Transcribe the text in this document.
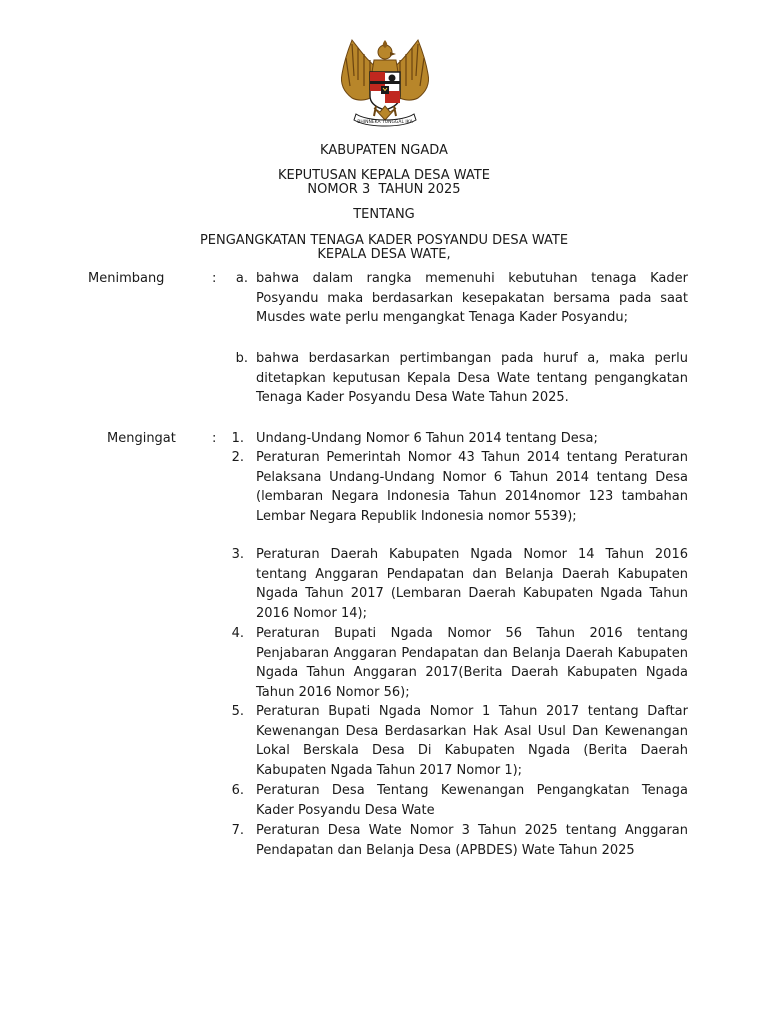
BHINNEKA TUNGGAL IKA
KABUPATEN NGADA
KEPUTUSAN KEPALA DESA WATE
NOMOR 3  TAHUN 2025
TENTANG
PENGANGKATAN TENAGA KADER POSYANDU DESA WATE
KEPALA DESA WATE,
Menimbang	:	a. bahwa dalam rangka memenuhi kebutuhan tenaga Kader Posyandu maka berdasarkan kesepakatan bersama pada saat Musdes wate perlu mengangkat Tenaga Kader Posyandu;
b. bahwa berdasarkan pertimbangan pada huruf a, maka perlu ditetapkan keputusan Kepala Desa Wate tentang pengangkatan Tenaga Kader Posyandu Desa Wate Tahun 2025.
Mengingat	:	1. Undang-Undang Nomor 6 Tahun 2014 tentang Desa;
2. Peraturan Pemerintah Nomor 43 Tahun 2014 tentang Peraturan Pelaksana Undang-Undang Nomor 6 Tahun 2014 tentang Desa (lembaran Negara Indonesia Tahun 2014nomor 123 tambahan Lembar Negara Republik Indonesia nomor 5539);
3. Peraturan Daerah Kabupaten Ngada Nomor 14 Tahun 2016 tentang Anggaran Pendapatan dan Belanja Daerah Kabupaten Ngada Tahun 2017 (Lembaran Daerah Kabupaten Ngada Tahun 2016 Nomor 14);
4. Peraturan Bupati Ngada Nomor 56 Tahun 2016 tentang Penjabaran Anggaran Pendapatan dan Belanja Daerah Kabupaten Ngada Tahun Anggaran 2017(Berita Daerah Kabupaten Ngada Tahun 2016 Nomor 56);
5. Peraturan Bupati Ngada Nomor 1 Tahun 2017 tentang Daftar Kewenangan Desa Berdasarkan Hak Asal Usul Dan Kewenangan Lokal Berskala Desa Di Kabupaten Ngada (Berita Daerah Kabupaten Ngada Tahun 2017 Nomor 1);
6. Peraturan Desa Tentang Kewenangan Pengangkatan Tenaga Kader Posyandu Desa Wate
7. Peraturan Desa Wate Nomor 3 Tahun 2025 tentang Anggaran Pendapatan dan Belanja Desa (APBDES) Wate Tahun 2025
